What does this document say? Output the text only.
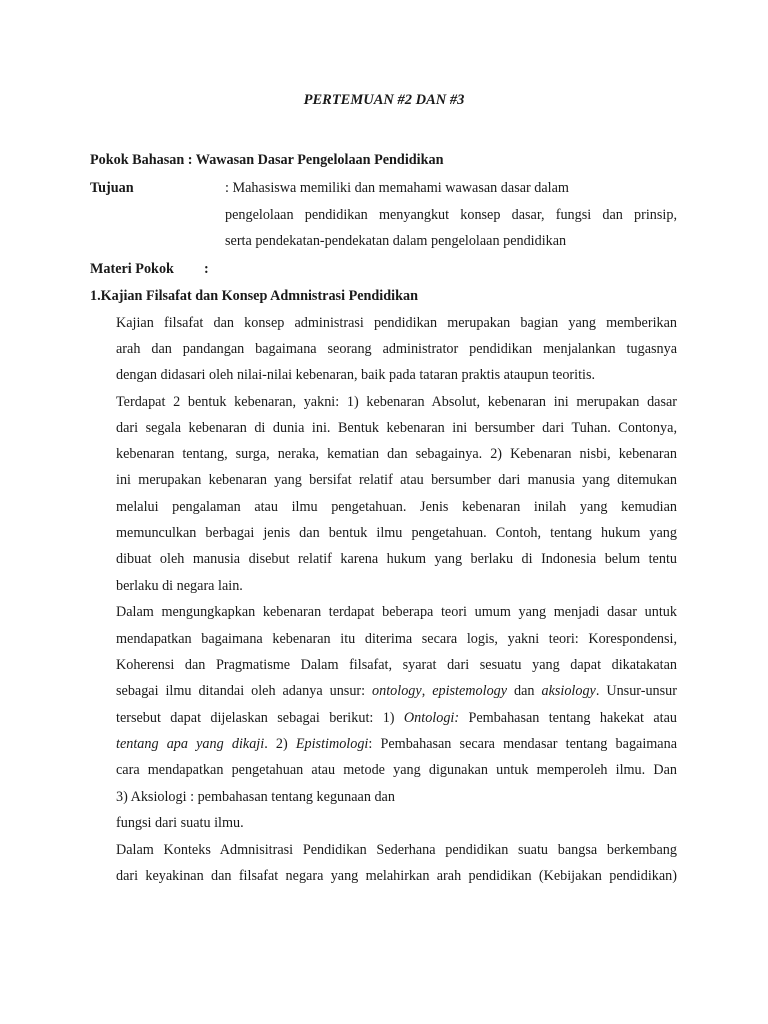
PERTEMUAN #2 DAN #3
Pokok Bahasan : Wawasan Dasar Pengelolaan Pendidikan
Tujuan	: Mahasiswa memiliki dan memahami wawasan dasar dalam
pengelolaan pendidikan menyangkut konsep dasar, fungsi dan prinsip,
serta pendekatan-pendekatan dalam pengelolaan pendidikan
Materi Pokok :
1.Kajian Filsafat dan Konsep Admnistrasi Pendidikan
Kajian filsafat dan konsep administrasi pendidikan merupakan bagian yang memberikan
arah dan pandangan bagaimana seorang administrator pendidikan menjalankan tugasnya
dengan didasari oleh nilai-nilai kebenaran, baik pada tataran praktis ataupun teoritis.
Terdapat 2 bentuk kebenaran, yakni: 1) kebenaran Absolut, kebenaran ini merupakan dasar
dari segala kebenaran di dunia ini. Bentuk kebenaran ini bersumber dari Tuhan. Contonya,
kebenaran tentang, surga, neraka, kematian dan sebagainya. 2) Kebenaran nisbi, kebenaran
ini merupakan kebenaran yang bersifat relatif atau bersumber dari manusia yang ditemukan
melalui pengalaman atau ilmu pengetahuan. Jenis kebenaran inilah yang kemudian
memunculkan berbagai jenis dan bentuk ilmu pengetahuan. Contoh, tentang hukum yang
dibuat oleh manusia disebut relatif karena hukum yang berlaku di Indonesia belum tentu
berlaku di negara lain.
Dalam mengungkapkan kebenaran terdapat beberapa teori umum yang menjadi dasar untuk
mendapatkan bagaimana kebenaran itu diterima secara logis, yakni teori: Korespondensi,
Koherensi dan Pragmatisme Dalam filsafat, syarat dari sesuatu yang dapat dikatakatan
sebagai ilmu ditandai oleh adanya unsur: ontology, epistemology dan aksiology. Unsur-unsur
tersebut dapat dijelaskan sebagai berikut: 1) Ontologi: Pembahasan tentang hakekat atau
tentang apa yang dikaji. 2) Epistimologi: Pembahasan secara mendasar tentang bagaimana
cara mendapatkan pengetahuan atau metode yang digunakan untuk memperoleh ilmu. Dan
3) Aksiologi : pembahasan tentang kegunaan dan
fungsi dari suatu ilmu.
Dalam Konteks Admnisitrasi Pendidikan Sederhana pendidikan suatu bangsa berkembang
dari keyakinan dan filsafat negara yang melahirkan arah pendidikan (Kebijakan pendidikan)
